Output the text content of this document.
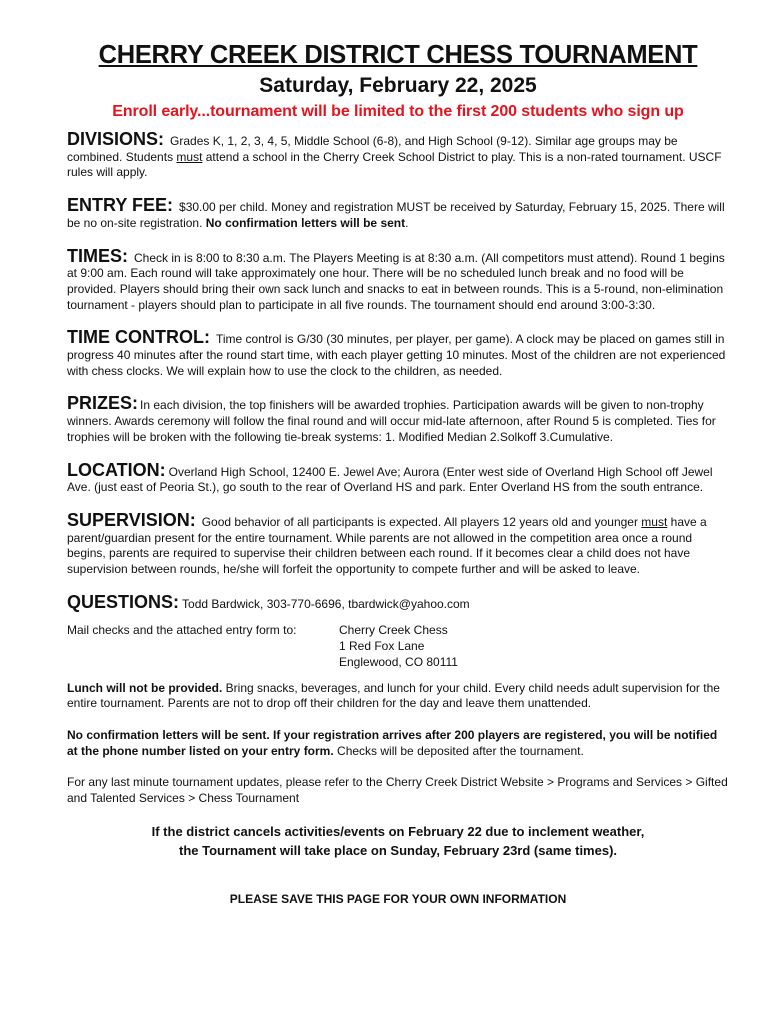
CHERRY CREEK DISTRICT CHESS TOURNAMENT
Saturday, February 22, 2025
Enroll early...tournament will be limited to the first 200 students who sign up
DIVISIONS: Grades K, 1, 2, 3, 4, 5, Middle School (6-8), and High School (9-12). Similar age groups may be combined. Students must attend a school in the Cherry Creek School District to play. This is a non-rated tournament. USCF rules will apply.
ENTRY FEE: $30.00 per child. Money and registration MUST be received by Saturday, February 15, 2025. There will be no on-site registration. No confirmation letters will be sent.
TIMES: Check in is 8:00 to 8:30 a.m. The Players Meeting is at 8:30 a.m. (All competitors must attend). Round 1 begins at 9:00 am. Each round will take approximately one hour. There will be no scheduled lunch break and no food will be provided. Players should bring their own sack lunch and snacks to eat in between rounds. This is a 5-round, non-elimination tournament - players should plan to participate in all five rounds. The tournament should end around 3:00-3:30.
TIME CONTROL: Time control is G/30 (30 minutes, per player, per game). A clock may be placed on games still in progress 40 minutes after the round start time, with each player getting 10 minutes. Most of the children are not experienced with chess clocks. We will explain how to use the clock to the children, as needed.
PRIZES: In each division, the top finishers will be awarded trophies. Participation awards will be given to non-trophy winners. Awards ceremony will follow the final round and will occur mid-late afternoon, after Round 5 is completed. Ties for trophies will be broken with the following tie-break systems: 1. Modified Median 2.Solkoff 3.Cumulative.
LOCATION: Overland High School, 12400 E. Jewel Ave; Aurora (Enter west side of Overland High School off Jewel Ave. (just east of Peoria St.), go south to the rear of Overland HS and park. Enter Overland HS from the south entrance.
SUPERVISION: Good behavior of all participants is expected. All players 12 years old and younger must have a parent/guardian present for the entire tournament. While parents are not allowed in the competition area once a round begins, parents are required to supervise their children between each round. If it becomes clear a child does not have supervision between rounds, he/she will forfeit the opportunity to compete further and will be asked to leave.
QUESTIONS: Todd Bardwick, 303-770-6696, tbardwick@yahoo.com
Mail checks and the attached entry form to:	Cherry Creek Chess
1 Red Fox Lane
Englewood, CO 80111
Lunch will not be provided. Bring snacks, beverages, and lunch for your child. Every child needs adult supervision for the entire tournament. Parents are not to drop off their children for the day and leave them unattended.
No confirmation letters will be sent. If your registration arrives after 200 players are registered, you will be notified at the phone number listed on your entry form. Checks will be deposited after the tournament.
For any last minute tournament updates, please refer to the Cherry Creek District Website > Programs and Services > Gifted and Talented Services > Chess Tournament
If the district cancels activities/events on February 22 due to inclement weather,
the Tournament will take place on Sunday, February 23rd (same times).
PLEASE SAVE THIS PAGE FOR YOUR OWN INFORMATION
